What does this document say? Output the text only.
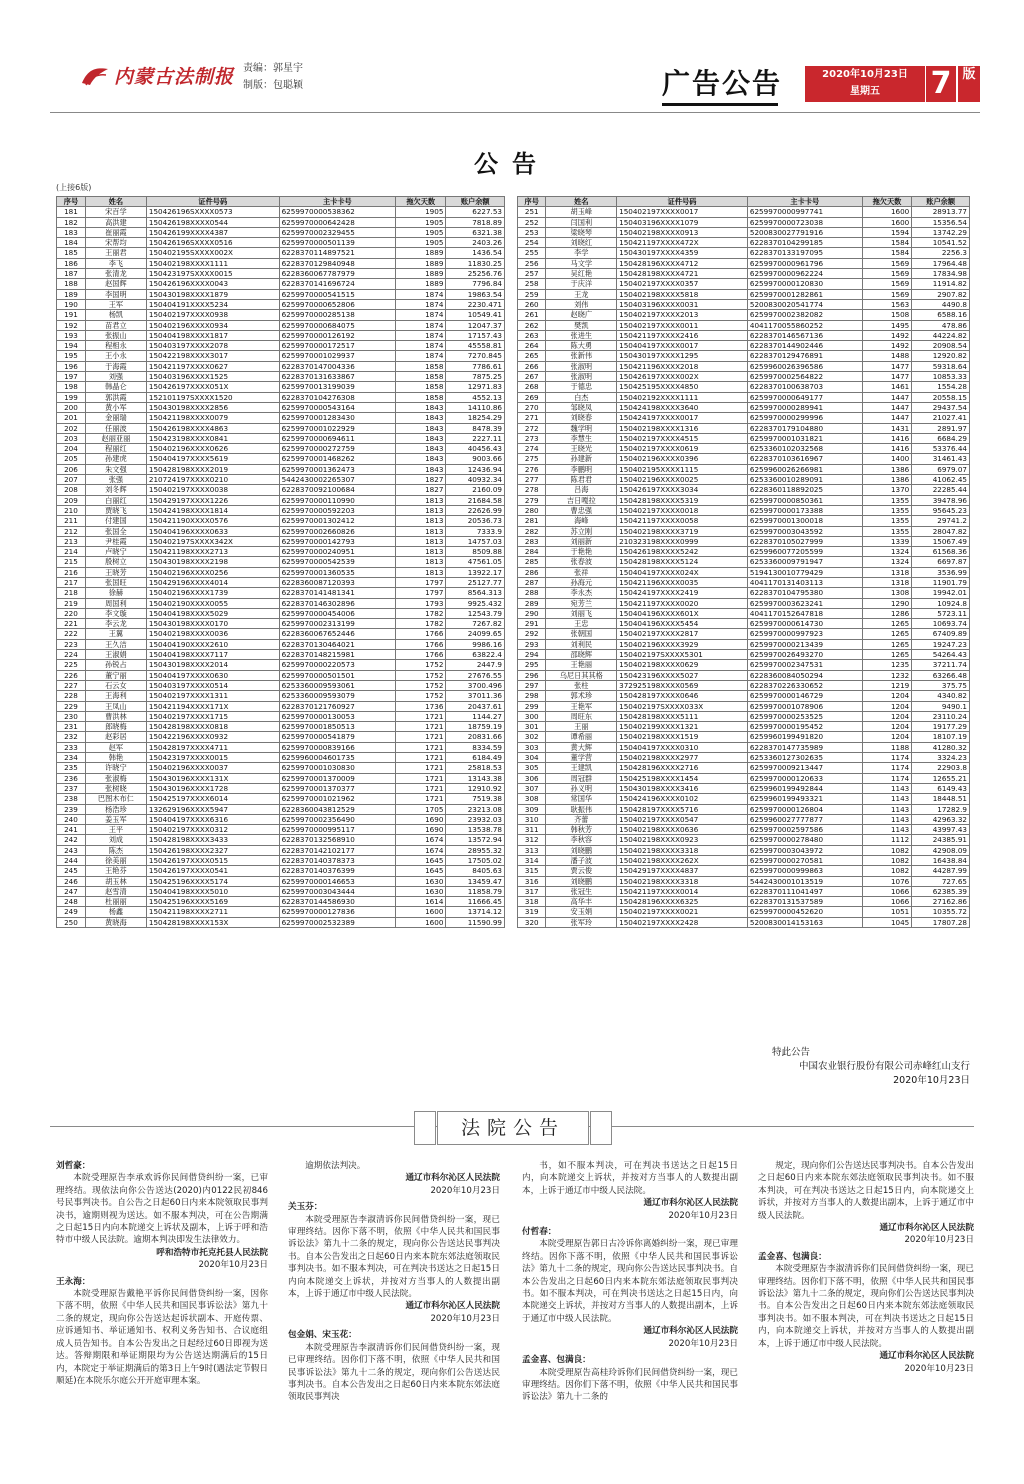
内蒙古法制报 责编：郭星宇
制版：包聪颖	广告公告	2020年10月23日
星期五	7 版
公告
(上接6版)
序号	姓名	证件号码	主卡卡号	拖欠天数	账户余额
181	宋百学	150426196SXXXX0573	6259970000538362	1905	6227.53
182	高洪建	150426198XXXX0544	6259970000642428	1905	7818.89
183	崔丽霞	150426199XXXX4387	6259970002329455	1905	6321.38
184	宋帮均	150426196SXXXX0516	6259970000501139	1905	2403.26
185	王丽君	150402195SXXXX002X	6228370114897521	1889	1436.54
186	李飞	150402198XXXX1111	6228370129840948	1889	11830.25
187	张清龙	150423197SXXXX0015	6228360067787979	1889	25256.76
188	赵国辉	150426196XXXX0043	6228370141696724	1889	7796.84
189	李国明	150430198XXXX1879	6259970000541515	1874	19863.54
190	王军	150404191XXXX5234	6259970000652806	1874	2230.471
191	杨凯	150402197XXXX0938	6259970000285138	1874	10549.41
192	苗君立	150402196XXXX0934	6259970000684075	1874	12047.37
193	张振山	150404198XXXX1817	6259970000126192	1874	17157.43
194	程相永	150403197XXXX2078	6259970000172517	1874	45558.81
195	王小永	150422198XXXX3017	6259970001029937	1874	7270.845
196	于海霞	150421197XXXX0627	6228370147004336	1858	7786.61
197	刘强	150403196XXXX1525	6228370131633867	1858	7875.25
198	韩晶仑	150426197XXXX051X	6259970013199039	1858	12971.83
199	郭洪霞	152101197SXXXX1520	6228370104276308	1858	4552.13
200	黄小军	150430198XXXX2856	6259970000543164	1843	14110.86
201	金丽瑞	150421198XXXX0079	6259970001283430	1843	18254.29
202	任丽波	150426198XXXX4863	6259970001022929	1843	8478.39
203	赵丽亚丽	150423198XXXX0841	6259970000694611	1843	2227.11
204	程丽红	150402196XXXX0626	6259970000272759	1843	40456.43
205	孙建虎	150404197XXXX5619	6259970001468262	1843	9003.66
206	朱文强	150428198XXXX2019	6259970001362473	1843	12436.94
207	张强	210724197XXXX0210	5442430002265307	1827	40932.34
208	刘冬辉	150402197XXXX0038	6228370092100684	1827	2160.09
209	白丽红	150429197XXXX1226	6259970000110990	1813	21684.58
210	贾晓飞	150424198XXXX1814	6259970000592203	1813	22626.99
211	付建国	150421190XXXX0576	6259970001302412	1813	20536.73
212	张国全	150404196XXXX0633	6259970002660826	1813	7333.9
213	尹桂霞	150402197SXXXX342X	6259970000142793	1813	14757.03
214	卢晓宁	150421198XXXX2713	6259970000240951	1813	8509.88
215	殷树立	150430198XXXX2198	6259970000542539	1813	47561.05
216	王晓芳	150402196XXXX0256	6259970001360535	1813	13922.17
217	张国旺	150429196XXXX4014	6228360087120393	1797	25127.77
218	徐赫	150402196XXXX1739	6228370141481341	1797	8564.313
219	周国利	150402190XXXX0055	6228370146302896	1793	9925.432
220	李文璇	150404198XXXX5029	6259970000454006	1782	12543.79
221	李云龙	150430198XXXX0170	6259970002313199	1782	7267.82
222	王翼	150402198XXXX0036	6228360067652446	1766	24099.65
223	王久洁	150404190XXXX2610	6228370130464021	1766	9986.16
224	王淑娟	150404198XXXX7117	6228370148215981	1766	63822.4
225	孙锐占	150430198XXXX2014	6259970000220573	1752	2447.9
226	董宁丽	150404197XXXX0630	6259970000501501	1752	27676.55
227	石云女	150403197XXXX0514	6253360009593061	1752	3700.496
228	王海利	150402197XXXX1311	6253360009593079	1752	37011.36
229	王凤山	150421194XXXX171X	6228370121760927	1736	20437.61
230	曹洪林	150402197XXXX1715	6259970000130053	1721	1144.27
231	郎晓梅	150428198XXXX0818	6259970001850513	1721	18759.19
232	赵彩居	150422196XXXX0932	6259970000541879	1721	20831.66
233	赵军	150428197XXXX4711	6259970000839166	1721	8334.59
234	韩艳	150423197XXXX0015	6259960004601735	1721	6184.49
235	许晓宁	150402196XXXX0037	6259970001030830	1721	25818.53
236	张淑梅	150430196XXXX131X	6259970001370009	1721	13143.38
237	张树晓	150430196XXXX1728	6259970001370377	1721	12910.92
238	巴图木布仁	150425197XXXX6014	6259970001021962	1721	7519.38
239	杨浩珍	132629196XXXX5947	6228360043812529	1705	23213.08
240	姜玉军	150404197XXXX6316	6259970002356490	1690	23932.03
241	王平	150402197XXXX0312	6259970000995117	1690	13538.78
242	刘成	150428198XXXX3433	6228370132568910	1674	13572.94
243	陈杰	150426198XXXX2327	6228370142102177	1674	28955.32
244	徐美丽	150426197XXXX0515	6228370140378373	1645	17505.02
245	王艳芬	150426197XXXX0541	6228370140376399	1645	8405.63
246	胡玉林	150425196XXXX5174	6259970000146653	1630	13459.47
247	赵雪清	150404198XXXX5010	6259970003043444	1630	11858.79
248	杜丽丽	150425196XXXX5169	6228370144586930	1614	11666.45
249	杨鑫	150421198XXXX2711	6259970000127836	1600	13714.12
250	黄晓海	150428198XXXX153X	6259970002532389	1600	11590.99
序号	姓名	证件号码	主卡卡号	拖欠天数	账户余额
251	胡玉峰	150402197XXXX0017	6259970000997741	1600	28913.77
252	闫国利	150403196XXXX1079	6259970000723038	1600	15356.54
253	梁晓琴	150402198XXXX0913	5200830027791916	1594	13742.29
254	刘晓红	150421197XXXX472X	6228370104299185	1584	10541.52
255	李学	150430197XXXX4359	6228370133197095	1584	2256.3
256	马文学	150428196XXXX4712	6259970000961796	1569	17964.48
257	吴红艳	150428198XXXX4721	6259970000962224	1569	17834.98
258	于庆洋	150402197XXXX0357	6259970000120830	1569	11914.82
259	王龙	150402198XXXX5818	6259970001282861	1569	2907.82
260	刘伟	150403196XXXX0031	5200830020541774	1563	4490.8
261	赵晓广	150402197XXXX2013	6259970002382082	1508	6588.16
262	樊凯	150402197XXXX0011	4041170055860252	1495	478.86
263	张进生	150421197XXXX2416	6228370146567136	1492	44224.82
264	陈大勇	150404197XXXX0017	6228370144902446	1492	20908.54
265	张新伟	150430197XXXX1295	6228370129476891	1488	12920.82
266	张淑明	150421196XXXX2018	6259960026396586	1477	59318.64
267	张淑明	150426197XXXX002X	6259970002564822	1477	10853.33
268	于德忠	150425195XXXX4850	6228370100638703	1461	1554.28
269	白杰	150402192XXXX1111	6259970000649177	1447	20558.15
270	邹晓凤	150424198XXXX3640	6259970000289941	1447	29437.54
271	刘晓春	150424197XXXX0017	6259970000299996	1447	21027.41
272	魏学明	150402198XXXX1316	6228370179104880	1431	2891.97
273	李慧生	150402197XXXX4515	6259970001031821	1416	6684.29
274	王晓光	150402197XXXX0619	6253360102032568	1416	53376.44
275	孙建新	150402196XXXX0396	6228370103616967	1400	31461.43
276	李鹏明	150402195XXXX1115	6259960026266981	1386	6979.07
277	陈君君	150402196XXXX0025	6253360010289091	1386	41062.45
278	吕海	150426197XXXX3034	6228360118892025	1370	22285.44
279	吉日嘎拉	150428198XXXX5319	6259970000850361	1355	39478.96
280	曹忠强	150402197XXXX0018	6259970000173388	1355	95645.23
281	海峰	150421197XXXX0058	6259970001300018	1355	29741.2
282	苏立刚	150402198XXXX3719	6259970003043592	1355	28047.82
283	刘丽新	210323198XXXX0999	6228370105027999	1339	15067.49
284	于艳艳	150426198XXXX5242	6259960077205599	1324	61568.36
285	张春波	150428198XXXX5124	6253360009791947	1324	6697.87
286	张祥	150404197XXXX024X	5194130010779429	1318	3536.99
287	孙海元	150421196XXXX0035	4041170131403113	1318	11901.79
288	李永杰	150424197XXXX2419	6228370104795380	1308	19942.01
289	宛芳兰	150421197XXXX0020	6259970003623241	1290	10924.8
290	刘丽飞	150404196XXXX601X	4041170152647818	1286	5723.11
291	王忠	150404196XXXX5454	6259970000614730	1265	10693.74
292	张朝国	150402197XXXX2817	6259970000997923	1265	67409.89
293	刘利民	150402196XXXX3929	6259970000213439	1265	19247.23
294	邵晓辉	150402197SXXXX5301	6259970026493270	1265	54264.43
295	王艳丽	150402198XXXX0629	6259970002347531	1235	37211.74
296	乌尼日其其格	150423196XXXX5027	6228360084050294	1232	63266.48
297	张柱	372925198XXXX0569	6228370226330652	1219	375.75
298	郭术珍	150428197XXXX0646	6259970000146729	1204	4340.82
299	王艳军	150402197SXXXX033X	6259970001078906	1204	9490.1
300	周旺东	150428198XXXX5111	6259970000253525	1204	23110.24
301	王丽	150402199XXXX1321	6259970000195452	1204	19177.29
302	谭希丽	150402198XXXX1519	6259960199491820	1204	18107.19
303	黄大辉	150404197XXXX0310	6228370147735989	1188	41280.32
304	董学营	150402198XXXX2977	6253360127302635	1174	3324.23
305	王建凯	150428196XXXX2716	6259970009213447	1174	22903.8
306	周冠群	150425198XXXX1454	6259970000120633	1174	12655.21
307	孙义明	150430198XXXX3416	6259960199492844	1143	6149.43
308	常国华	150424196XXXX0102	6259960199493321	1143	18448.51
309	耿振伟	150428197XXXX5716	6259970000126804	1143	17282.9
310	齐蕾	150402197XXXX0547	6259960027777877	1143	42963.32
311	韩秋芳	150402198XXXX0636	6259970002597586	1143	43997.43
312	李秋容	150402198XXXX0923	6259970000278480	1112	24385.91
313	刘晓鹏	150402198XXXX3318	6259970003043972	1082	42908.09
314	潘子波	150402198XXXX262X	6259970000270581	1082	16438.84
315	贾云俊	150429197XXXX4837	6259970000999863	1082	44287.99
316	刘晓鹏	150402198XXXX3318	5442430001013519	1076	727.65
317	张冠生	150421197XXXX0014	6228370111041497	1066	62385.39
318	高华丰	150428196XXXX6325	6228370131537589	1066	27162.86
319	安玉娟	150402197XXXX0021	6259970000452620	1051	10355.72
320	张军玲	150402197XXXX2428	5200830014153163	1045	17807.28
特此公告
中国农业银行股份有限公司赤峰红山支行
2020年10月23日
法院公告
刘哲豪：
本院受理原告李承欢诉你民间借贷纠纷一案，已审理终结。现依法向你公告送达(2020)内0122民初846号民事判决书。自公告之日起60日内来本院领取民事判决书，逾期则视为送达。如不服本判决，可在公告期满之日起15日内向本院递交上诉状及副本，上诉于呼和浩特市中级人民法院。逾期本判决即发生法律效力。
呼和浩特市托克托县人民法院
2020年10月23日
王永海：
本院受理原告戴艳平诉你民间借贷纠纷一案，因你下落不明，依照《中华人民共和国民事诉讼法》第九十二条的规定，现向你公告送达起诉状副本、开庭传票、应诉通知书、举证通知书、权利义务告知书、合议庭组成人员告知书。自本公告发出之日起经过60日即视为送达。答辩期限和举证期限均为公告送达期满后的15日内，本院定于举证期满后的第3日上午9时(遇法定节假日顺延)在本院乐尔庭公开开庭审理本案。
逾期依法判决。
通辽市科尔沁区人民法院
2020年10月23日
关玉芬：
本院受理原告李淑清诉你民间借贷纠纷一案，现已审理终结。因你下落不明，依照《中华人民共和国民事诉讼法》第九十二条的规定，现向你公告送达民事判决书。自本公告发出之日起60日内来本院东郊法庭领取民事判决书。如不服本判决，可在判决书送达之日起15日内向本院递交上诉状，并按对方当事人的人数提出副本，上诉于通辽市中级人民法院。
通辽市科尔沁区人民法院
2020年10月23日
包金娟、宋玉花：
本院受理原告李淑清诉你们民间借贷纠纷一案，现已审理终结。因你们下落不明，依照《中华人民共和国民事诉讼法》第九十二条的规定，现向你们公告送达民事判决书。自本公告发出之日起60日内来本院东郊法庭领取民事判决
书，如不服本判决，可在判决书送达之日起15日内，向本院递交上诉状，并按对方当事人的人数提出副本，上诉于通辽市中级人民法院。
通辽市科尔沁区人民法院
2020年10月23日
付哲春：
本院受理原告郭日古冷诉你离婚纠纷一案，现已审理终结。因你下落不明，依照《中华人民共和国民事诉讼法》第九十二条的规定，现向你公告送达民事判决书。自本公告发出之日起60日内来本院东郊法庭领取民事判决书。如不服本判决，可在判决书送达之日起15日内，向本院递交上诉状，并按对方当事人的人数提出副本，上诉于通辽市中级人民法院。
通辽市科尔沁区人民法院
2020年10月23日
孟金喜、包满良：
本院受理原告高桂玲诉你们民间借贷纠纷一案，现已审理终结。因你们下落不明，依照《中华人民共和国民事诉讼法》第九十二条的
规定，现向你们公告送达民事判决书。自本公告发出之日起60日内来本院东郊法庭领取民事判决书。如不服本判决，可在判决书送达之日起15日内，向本院递交上诉状，并按对方当事人的人数提出副本，上诉于通辽市中级人民法院。
通辽市科尔沁区人民法院
2020年10月23日
孟金喜、包满良：
本院受理原告李淑清诉你们民间借贷纠纷一案，现已审理终结。因你们下落不明，依照《中华人民共和国民事诉讼法》第九十二条的规定，现向你们公告送达民事判决书。自本公告发出之日起60日内来本院东郊法庭领取民事判决书。如不服本判决，可在判决书送达之日起15日内，向本院递交上诉状，并按对方当事人的人数提出副本，上诉于通辽市中级人民法院。
通辽市科尔沁区人民法院
2020年10月23日
